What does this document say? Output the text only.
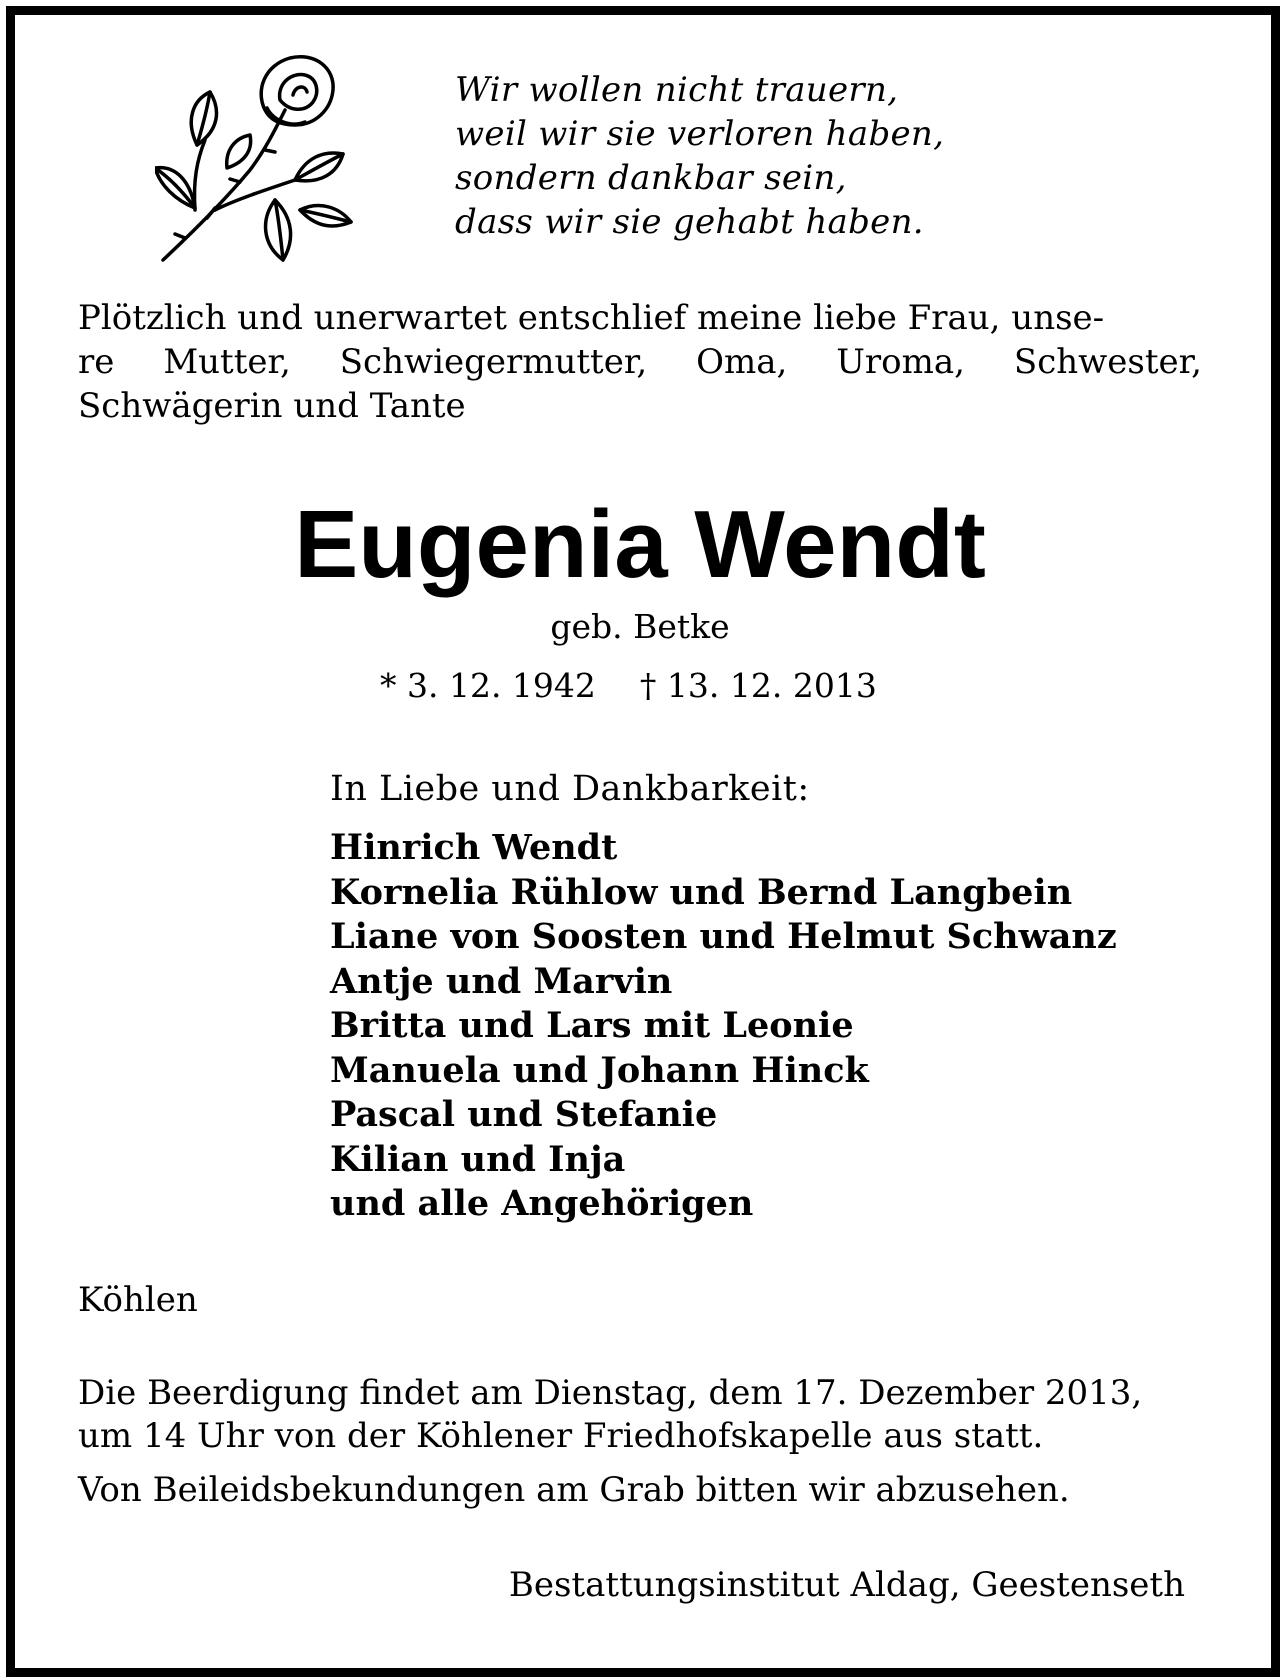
Wir wollen nicht trauern,
weil wir sie verloren haben,
sondern dankbar sein,
dass wir sie gehabt haben.
Plötzlich und unerwartet entschlief meine liebe Frau, unse-
re Mutter, Schwiegermutter, Oma, Uroma, Schwester,
Schwägerin und Tante
Eugenia Wendt
geb. Betke
* 3. 12. 1942 † 13. 12. 2013
In Liebe und Dankbarkeit:
Hinrich Wendt
Kornelia Rühlow und Bernd Langbein
Liane von Soosten und Helmut Schwanz
Antje und Marvin
Britta und Lars mit Leonie
Manuela und Johann Hinck
Pascal und Stefanie
Kilian und Inja
und alle Angehörigen
Köhlen
Die Beerdigung findet am Dienstag, dem 17. Dezember 2013,
um 14 Uhr von der Köhlener Friedhofskapelle aus statt.
Von Beileidsbekundungen am Grab bitten wir abzusehen.
Bestattungsinstitut Aldag, Geestenseth
